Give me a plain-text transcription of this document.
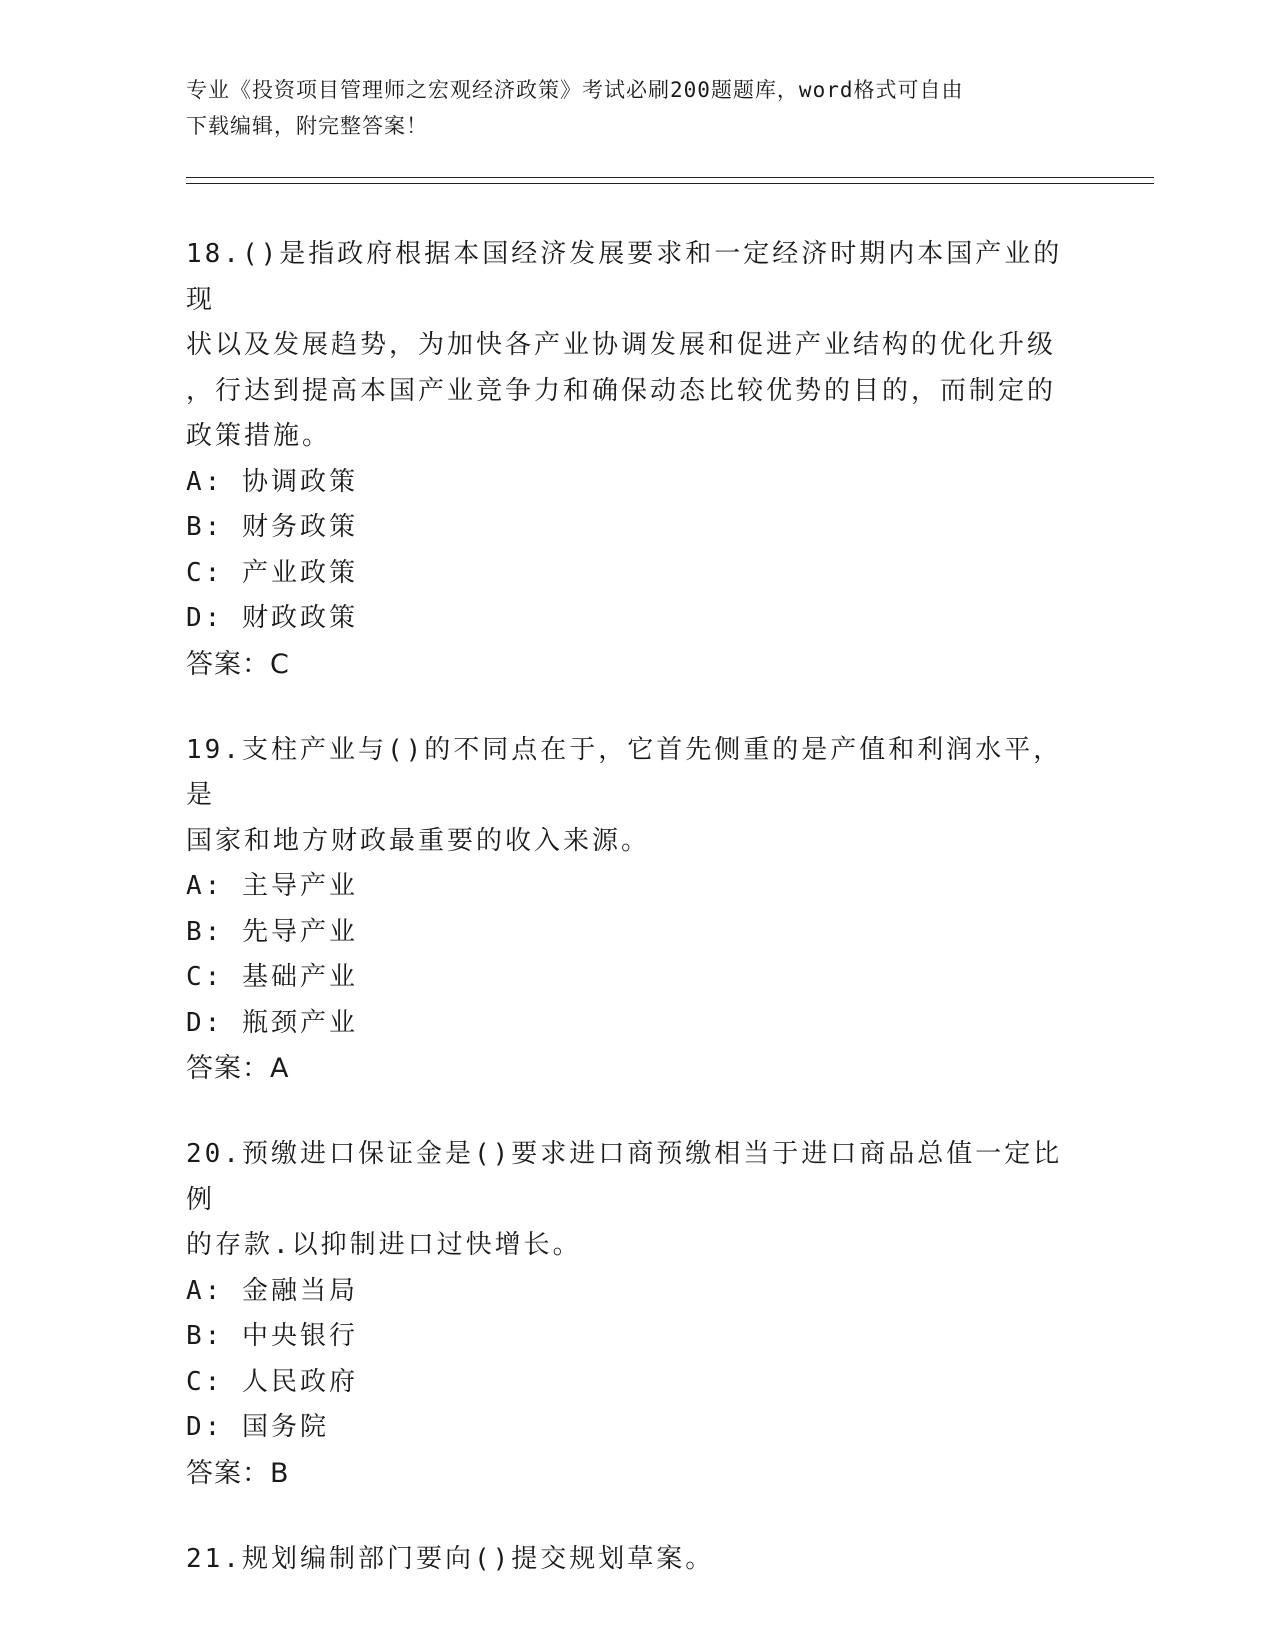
专业《投资项目管理师之宏观经济政策》考试必刷200题题库，word格式可自由
下载编辑，附完整答案！
18.()是指政府根据本国经济发展要求和一定经济时期内本国产业的现
状以及发展趋势，为加快各产业协调发展和促进产业结构的优化升级
，行达到提高本国产业竞争力和确保动态比较优势的目的，而制定的
政策措施。
A: 协调政策
B: 财务政策
C: 产业政策
D: 财政政策
答案：C
19.支柱产业与()的不同点在于，它首先侧重的是产值和利润水平，是
国家和地方财政最重要的收入来源。
A: 主导产业
B: 先导产业
C: 基础产业
D: 瓶颈产业
答案：A
20.预缴进口保证金是()要求进口商预缴相当于进口商品总值一定比例
的存款.以抑制进口过快增长。
A: 金融当局
B: 中央银行
C: 人民政府
D: 国务院
答案：B
21.规划编制部门要向()提交规划草案。
